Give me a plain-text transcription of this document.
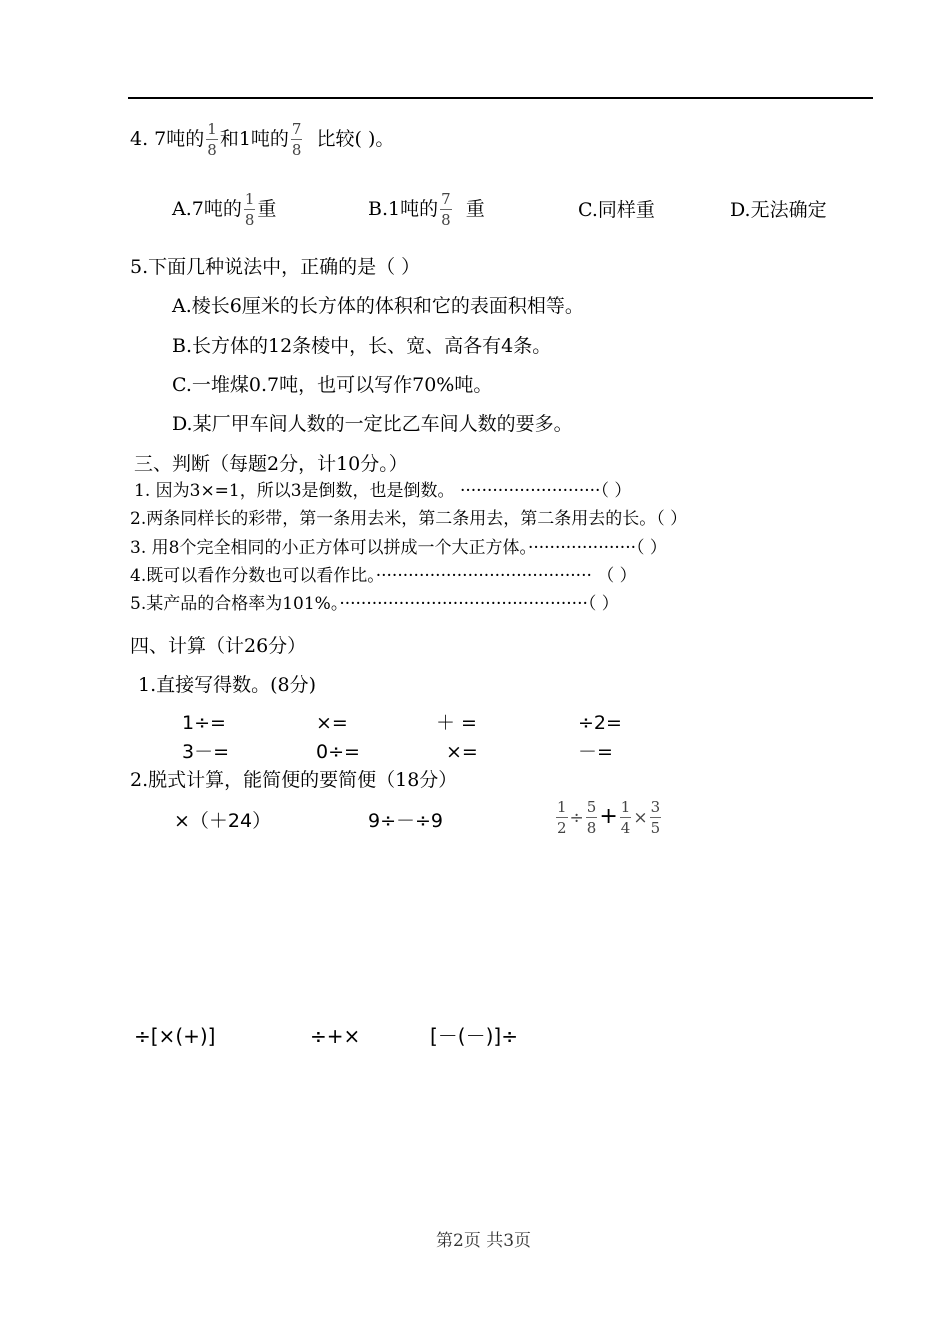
4. 7吨的 $\frac{1}{8}$ 和1吨的 $\frac{7}{8}$ 比较( )。
A.7吨的 $\frac{1}{8}$ 重	B.1吨的 $\frac{7}{8}$ 重	C.同样重	D.无法确定
5.下面几种说法中，正确的是（ ）
A.棱长6厘米的长方体的体积和它的表面积相等。
B.长方体的12条棱中，长、宽、高各有4条。
C.一堆煤0.7吨，也可以写作70%吨。
D.某厂甲车间人数的一定比乙车间人数的要多。
三、判断（每题2分，计10分。）
1. 因为3×=1，所以3是倒数，也是倒数。 ··························（ ）
2.两条同样长的彩带，第一条用去米，第二条用去，第二条用去的长。（ ）
3. 用8个完全相同的小正方体可以拼成一个大正方体。····················（ ）
4.既可以看作分数也可以看作比。········································ （ ）
5.某产品的合格率为101%。··············································（ ）
四、计算（计26分）
1.直接写得数。(8分)
1÷=	×=	＋ =	÷2=
3－=	0÷=	×=	－=
2.脱式计算，能简便的要简便（18分）
×（＋24）	9÷－÷9	$\frac{1}{2} \div \frac{5}{8} + \frac{1}{4} \times \frac{3}{5}$
÷[×(+)]	÷+×	[－(－)]÷
第2页 共3页
